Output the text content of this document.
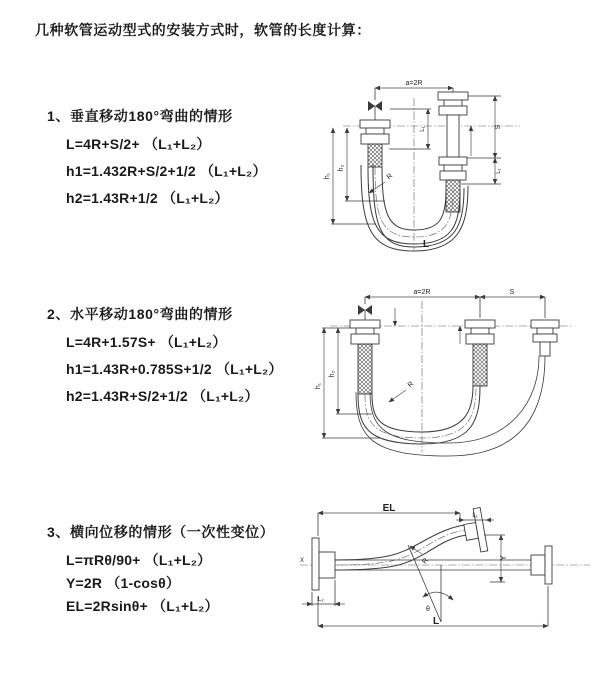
几种软管运动型式的安装方式时，软管的长度计算：
1、垂直移动180°弯曲的情形
L=4R+S/2+ （L₁+L₂）
h1=1.432R+S/2+1/2 （L₁+L₂）
h2=1.43R+1/2 （L₁+L₂）
2、水平移动180°弯曲的情形
L=4R+1.57S+ （L₁+L₂）
h1=1.43R+0.785S+1/2 （L₁+L₂）
h2=1.43R+S/2+1/2 （L₁+L₂）
3、横向位移的情形（一次性变位）
L=πRθ/90+ （L₁+L₂）
Y=2R （1-cosθ）
EL=2Rsinθ+ （L₁+L₂）
a=2R
h₁
h₂
L₁
R
S
L₁
L
a=2R	S
h₁
h₂
R
X
EL
L₁
Y
θ
R
L₂
L
